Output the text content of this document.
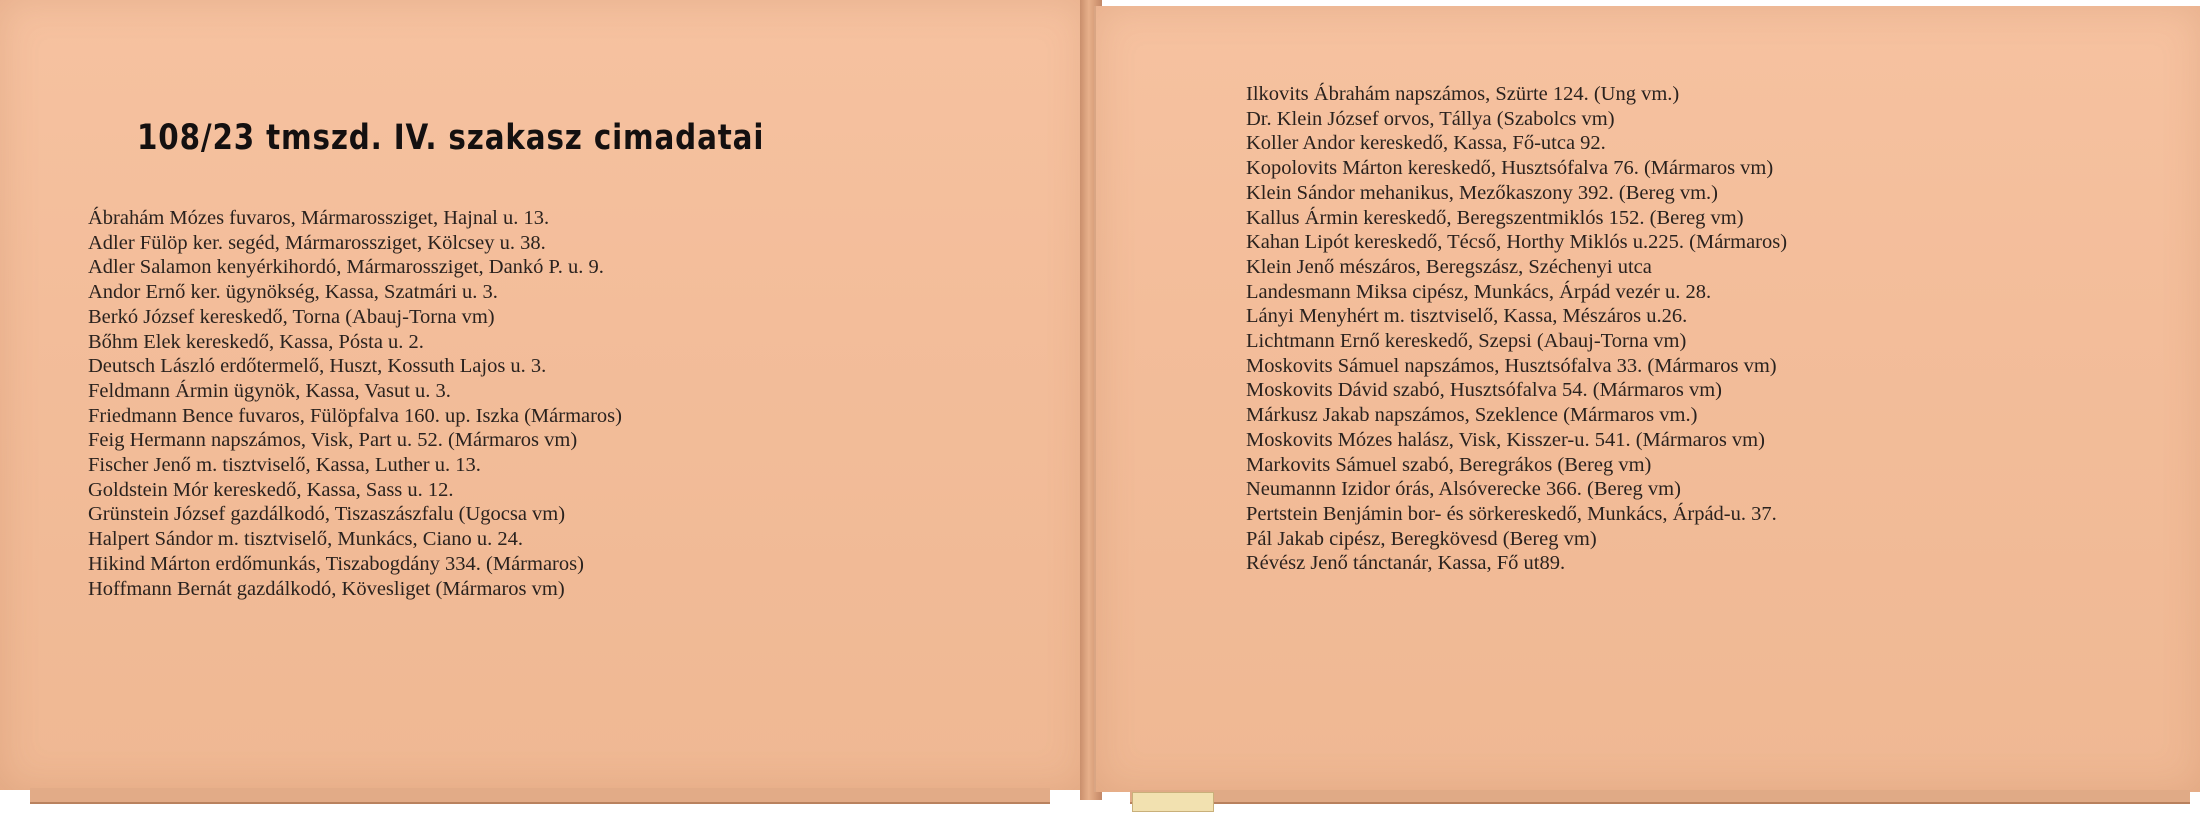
108/23 tmszd. IV. szakasz cimadatai
Ábrahám Mózes fuvaros, Mármarossziget, Hajnal u. 13.
Adler Fülöp ker. segéd, Mármarossziget, Kölcsey u. 38.
Adler Salamon kenyérkihordó, Mármarossziget, Dankó P. u. 9.
Andor Ernő ker. ügynökség, Kassa, Szatmári u. 3.
Berkó József kereskedő, Torna (Abauj-Torna vm)
Bőhm Elek kereskedő, Kassa, Pósta u. 2.
Deutsch László erdőtermelő, Huszt, Kossuth Lajos u. 3.
Feldmann Ármin ügynök, Kassa, Vasut u. 3.
Friedmann Bence fuvaros, Fülöpfalva 160. up. Iszka (Mármaros)
Feig Hermann napszámos, Visk, Part u. 52. (Mármaros vm)
Fischer Jenő m. tisztviselő, Kassa, Luther u. 13.
Goldstein Mór kereskedő, Kassa, Sass u. 12.
Grünstein József gazdálkodó, Tiszaszászfalu (Ugocsa vm)
Halpert Sándor m. tisztviselő, Munkács, Ciano u. 24.
Hikind Márton erdőmunkás, Tiszabogdány 334. (Mármaros)
Hoffmann Bernát gazdálkodó, Kövesliget (Mármaros vm)
Ilkovits Ábrahám napszámos, Szürte 124. (Ung vm.)
Dr. Klein József orvos, Tállya (Szabolcs vm)
Koller Andor kereskedő, Kassa, Fő-utca 92.
Kopolovits Márton kereskedő, Husztsófalva 76. (Mármaros vm)
Klein Sándor mehanikus, Mezőkaszony 392. (Bereg vm.)
Kallus Ármin kereskedő, Beregszentmiklós 152. (Bereg vm)
Kahan Lipót kereskedő, Técső, Horthy Miklós u.225. (Mármaros)
Klein Jenő mészáros, Beregszász, Széchenyi utca
Landesmann Miksa cipész, Munkács, Árpád vezér u. 28.
Lányi Menyhért m. tisztviselő, Kassa, Mészáros u.26.
Lichtmann Ernő kereskedő, Szepsi (Abauj-Torna vm)
Moskovits Sámuel napszámos, Husztsófalva 33. (Mármaros vm)
Moskovits Dávid szabó, Husztsófalva 54. (Mármaros vm)
Márkusz Jakab napszámos, Szeklence (Mármaros vm.)
Moskovits Mózes halász, Visk, Kisszer-u. 541. (Mármaros vm)
Markovits Sámuel szabó, Beregrákos (Bereg vm)
Neumannn Izidor órás, Alsóverecke 366. (Bereg vm)
Pertstein Benjámin bor- és sörkereskedő, Munkács, Árpád-u. 37.
Pál Jakab cipész, Beregkövesd (Bereg vm)
Révész Jenő tánctanár, Kassa, Fő ut89.
